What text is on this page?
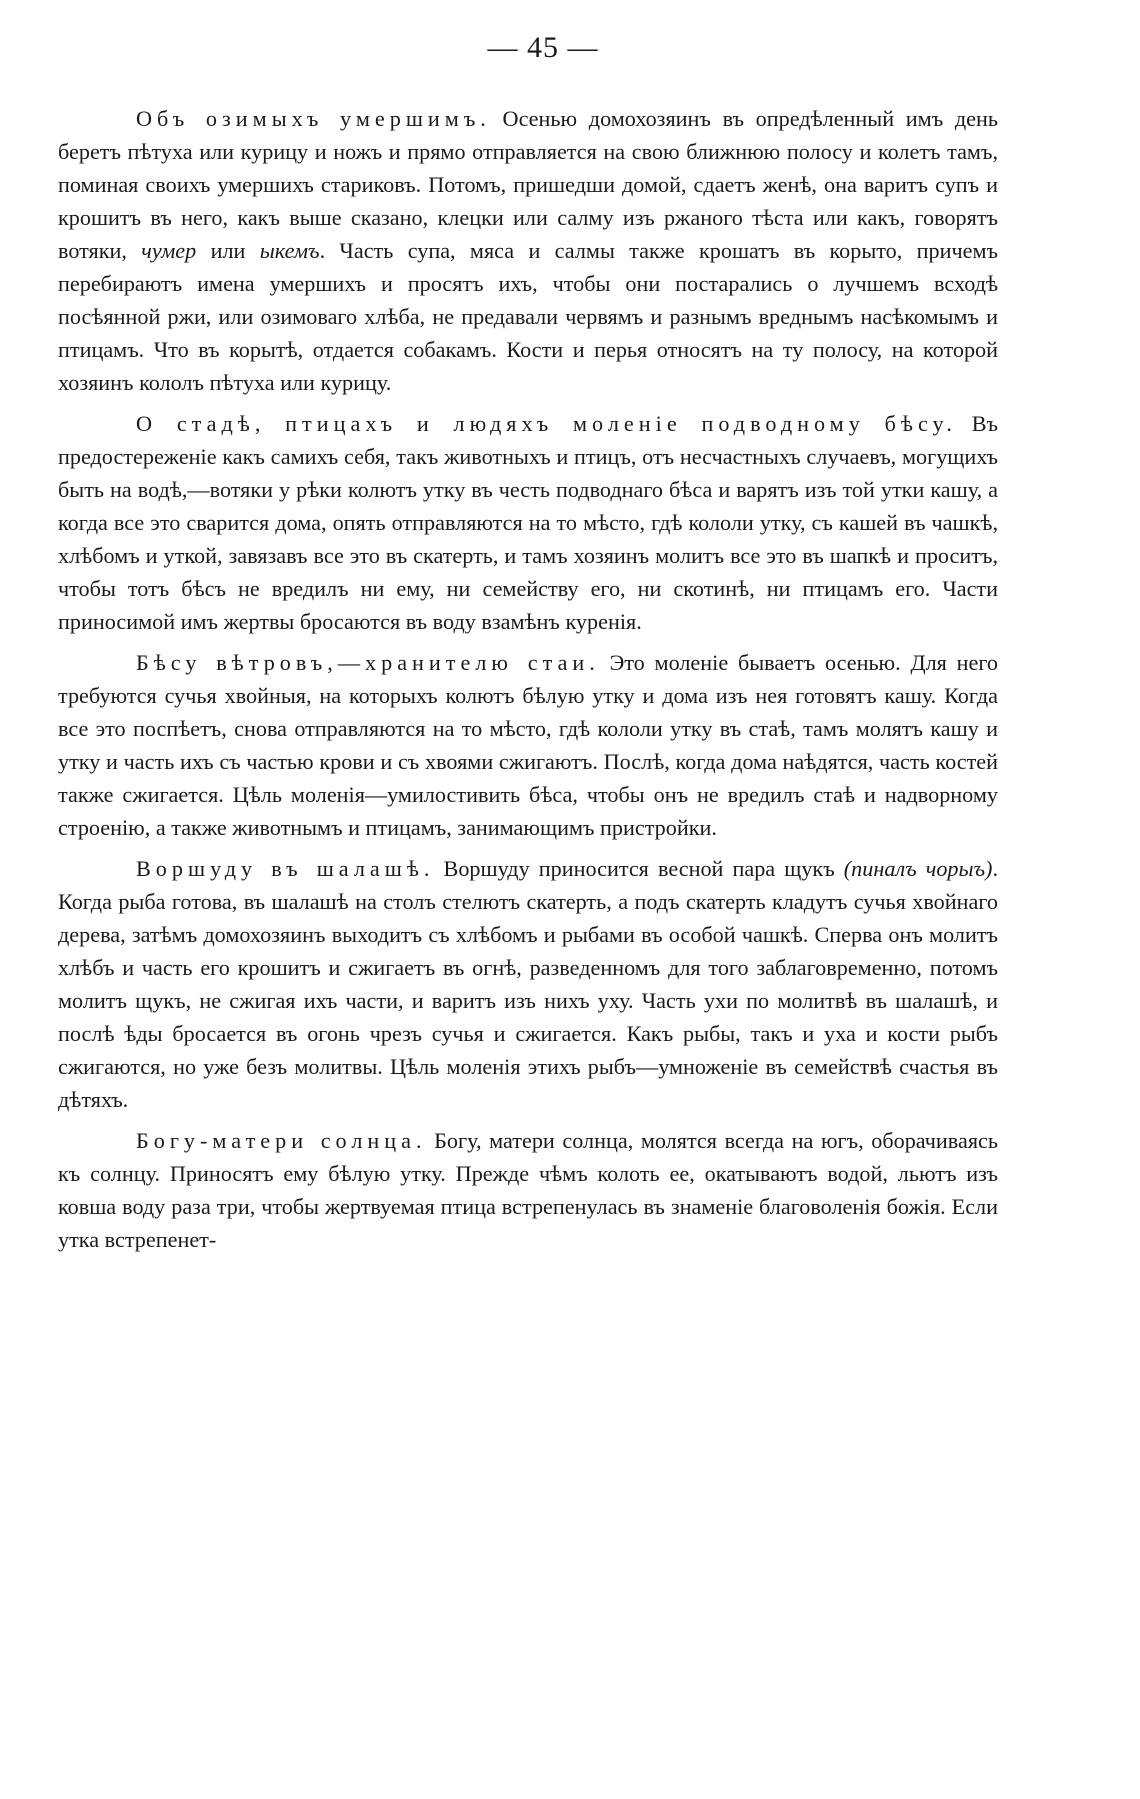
— 45 —

Объ озимыхъ умершимъ. Осенью домохозяинъ въ опредѣленный имъ день беретъ пѣтуха или курицу и ножъ и прямо отправляется на свою ближнюю полосу и колетъ тамъ, поминая своихъ умершихъ стариковъ. Потомъ, пришедши домой, сдаетъ женѣ, она варитъ супъ и крошитъ въ него, какъ выше сказано, клецки или салму изъ ржаного тѣста или какъ, говорятъ вотяки, чумер или ыкемъ. Часть супа, мяса и салмы также крошатъ въ корыто, причемъ перебираютъ имена умершихъ и просятъ ихъ, чтобы они постарались о лучшемъ всходѣ посѣянной ржи, или озимоваго хлѣба, не предавали червямъ и разнымъ вреднымъ насѣкомымъ и птицамъ. Что въ корытѣ, отдается собакамъ. Кости и перья относятъ на ту полосу, на которой хозяинъ кололъ пѣтуха или курицу.

О стадѣ, птицахъ и людяхъ моленіе подводному бѣсу. Въ предостереженіе какъ самихъ себя, такъ животныхъ и птицъ, отъ несчастныхъ случаевъ, могущихъ быть на водѣ,—вотяки у рѣки колютъ утку въ честь подводнаго бѣса и варятъ изъ той утки кашу, а когда все это сварится дома, опять отправляются на то мѣсто, гдѣ кололи утку, съ кашей въ чашкѣ, хлѣбомъ и уткой, завязавъ все это въ скатерть, и тамъ хозяинъ молитъ все это въ шапкѣ и проситъ, чтобы тотъ бѣсъ не вредилъ ни ему, ни семейству его, ни скотинѣ, ни птицамъ его. Части приносимой имъ жертвы бросаются въ воду взамѣнъ куренія.

Бѣсу вѣтровъ,—хранителю стаи. Это моленіе бываетъ осенью. Для него требуются сучья хвойныя, на которыхъ колютъ бѣлую утку и дома изъ нея готовятъ кашу. Когда все это поспѣетъ, снова отправляются на то мѣсто, гдѣ кололи утку въ стаѣ, тамъ молятъ кашу и утку и часть ихъ съ частью крови и съ хвоями сжигаютъ. Послѣ, когда дома наѣдятся, часть костей также сжигается. Цѣль моленія—умилостивить бѣса, чтобы онъ не вредилъ стаѣ и надворному строенію, а также животнымъ и птицамъ, занимающимъ пристройки.

Воршуду въ шалашѣ. Воршуду приносится весной пара щукъ (пиналъ чорыъ). Когда рыба готова, въ шалашѣ на столъ стелютъ скатерть, а подъ скатерть кладутъ сучья хвойнаго дерева, затѣмъ домохозяинъ выходитъ съ хлѣбомъ и рыбами въ особой чашкѣ. Сперва онъ молитъ хлѣбъ и часть его крошитъ и сжигаетъ въ огнѣ, разведенномъ для того заблаговременно, потомъ молитъ щукъ, не сжигая ихъ части, и варитъ изъ нихъ уху. Часть ухи по молитвѣ въ шалашѣ, и послѣ ѣды бросается въ огонь чрезъ сучья и сжигается. Какъ рыбы, такъ и уха и кости рыбъ сжигаются, но уже безъ молитвы. Цѣль моленія этихъ рыбъ—умноженіе въ семействѣ счастья въ дѣтяхъ.

Богу-матери солнца. Богу, матери солнца, молятся всегда на югъ, оборачиваясь къ солнцу. Приносятъ ему бѣлую утку. Прежде чѣмъ колоть ее, окатываютъ водой, льютъ изъ ковша воду раза три, чтобы жертвуемая птица встрепенулась въ знаменіе благоволенія божія. Если утка встрепенет-
